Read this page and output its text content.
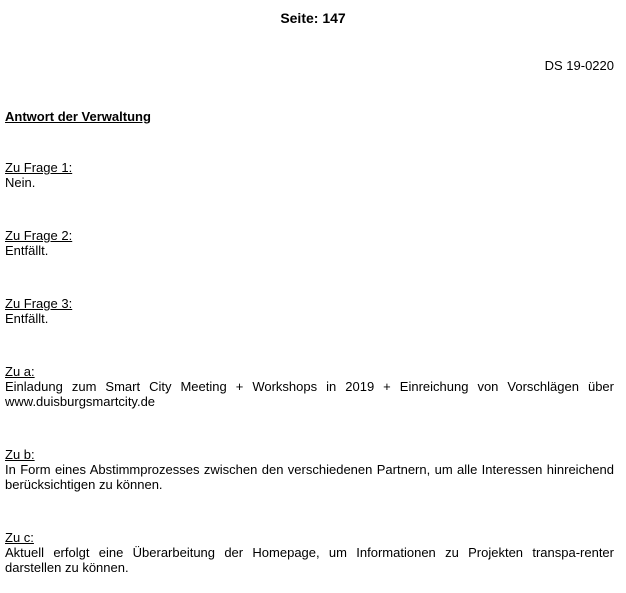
Seite: 147
DS 19-0220
Antwort der Verwaltung
Zu Frage 1:
Nein.
Zu Frage 2:
Entfällt.
Zu Frage 3:
Entfällt.
Zu a:
Einladung zum Smart City Meeting + Workshops in 2019 + Einreichung von Vorschlägen über www.duisburgsmartcity.de
Zu b:
In Form eines Abstimmprozesses zwischen den verschiedenen Partnern, um alle Interessen hinreichend berücksichtigen zu können.
Zu c:
Aktuell erfolgt eine Überarbeitung der Homepage, um Informationen zu Projekten transpa-renter darstellen zu können.
